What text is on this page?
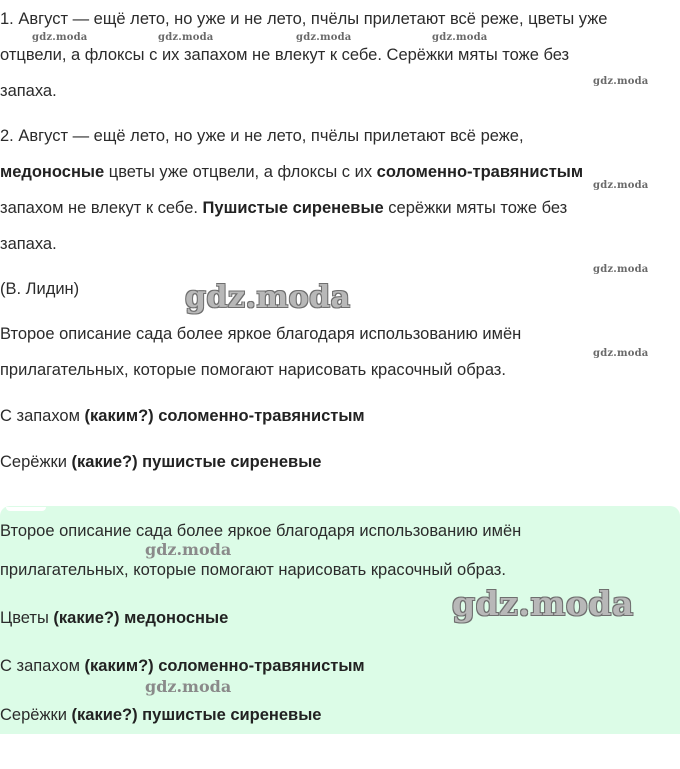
1. Август — ещё лето, но уже и не лето, пчёлы прилетают всё реже, цветы уже
отцвели, а флоксы с их запахом не влекут к себе. Серёжки мяты тоже без
запаха.
2. Август — ещё лето, но уже и не лето, пчёлы прилетают всё реже,
медоносные цветы уже отцвели, а флоксы с их соломенно-травянистым
запахом не влекут к себе. Пушистые сиреневые серёжки мяты тоже без
запаха.
(В. Лидин)
Второе описание сада более яркое благодаря использованию имён
прилагательных, которые помогают нарисовать красочный образ.
С запахом (каким?) соломенно-травянистым
Серёжки (какие?) пушистые сиреневые
Второе описание сада более яркое благодаря использованию имён
прилагательных, которые помогают нарисовать красочный образ.
Цветы (какие?) медоносные
С запахом (каким?) соломенно-травянистым
Серёжки (какие?) пушистые сиреневые
gdz.moda	gdz.moda	gdz.moda	gdz.moda
gdz.moda
gdz.moda
gdz.moda
gdz.moda
gdz.moda
gdz.moda
gdz.moda
gdz.moda
